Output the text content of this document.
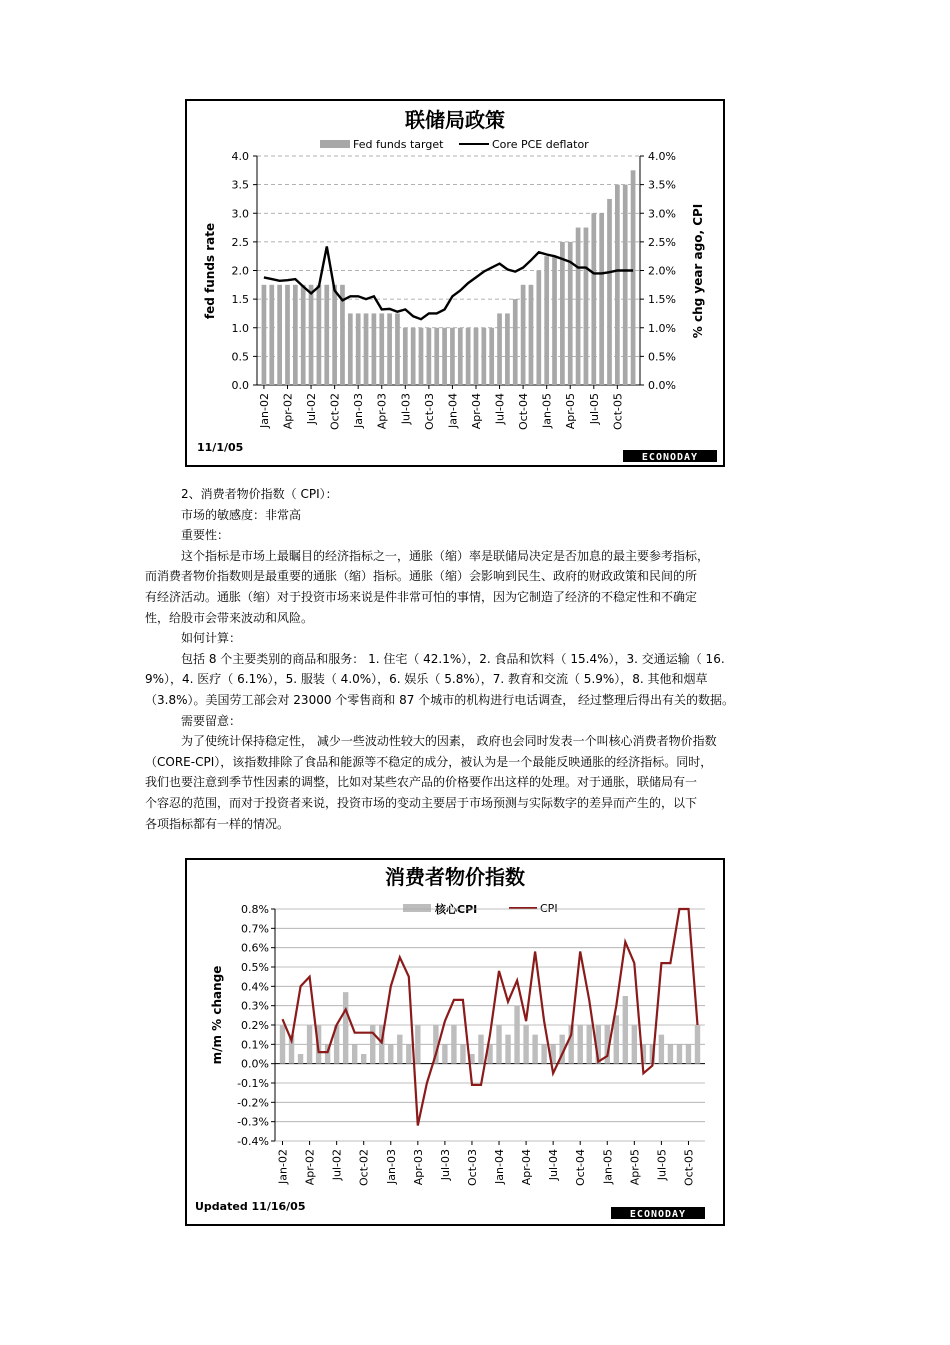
联储局政策
Fed funds target	Core PCE deflator
0.0	0.0%
0.5	0.5%
1.0	1.0%
1.5	1.5%
2.0	2.0%
2.5	2.5%
3.0	3.0%
3.5	3.5%
4.0	4.0%
fed funds rate	% chg year ago, CPI
Jan-02 Apr-02 Jul-02 Oct-02 Jan-03 Apr-03 Jul-03 Oct-03 Jan-04 Apr-04 Jul-04 Oct-04 Jan-05 Apr-05 Jul-05 Oct-05
11/1/05
ECONODAY

2、消费者物价指数（ CPI）：

市场的敏感度：非常高

重要性：

这个指标是市场上最瞩目的经济指标之一，通胀（缩）率是联储局决定是否加息的最主要参考指标，

而消费者物价指数则是最重要的通胀（缩）指标。通胀（缩）会影响到民生、政府的财政政策和民间的所

有经济活动。通胀（缩）对于投资市场来说是件非常可怕的事情，因为它制造了经济的不稳定性和不确定

性，给股市会带来波动和风险。

如何计算：

包括 8 个主要类别的商品和服务： 1. 住宅（ 42.1%），2. 食品和饮料（ 15.4%），3. 交通运输（ 16.

9%），4. 医疗（ 6.1%），5. 服装（ 4.0%），6. 娱乐（ 5.8%），7. 教育和交流（ 5.9%），8. 其他和烟草

（3.8%）。美国劳工部会对 23000 个零售商和 87 个城市的机构进行电话调查， 经过整理后得出有关的数据。

需要留意：

为了使统计保持稳定性， 减少一些波动性较大的因素， 政府也会同时发表一个叫核心消费者物价指数

（CORE-CPI），该指数排除了食品和能源等不稳定的成分，被认为是一个最能反映通胀的经济指标。同时，

我们也要注意到季节性因素的调整，比如对某些农产品的价格要作出这样的处理。对于通胀，联储局有一

个容忍的范围，而对于投资者来说，投资市场的变动主要居于市场预测与实际数字的差异而产生的，以下

各项指标都有一样的情况。

消费者物价指数
核心CPI	CPI
-0.4%
-0.3%
-0.2%
-0.1%
0.0%
0.1%
0.2%
0.3%
0.4%
0.5%
0.6%
0.7%
0.8%
m/m % change
Jan-02 Apr-02 Jul-02 Oct-02 Jan-03 Apr-03 Jul-03 Oct-03 Jan-04 Apr-04 Jul-04 Oct-04 Jan-05 Apr-05 Jul-05 Oct-05
Updated 11/16/05
ECONODAY
